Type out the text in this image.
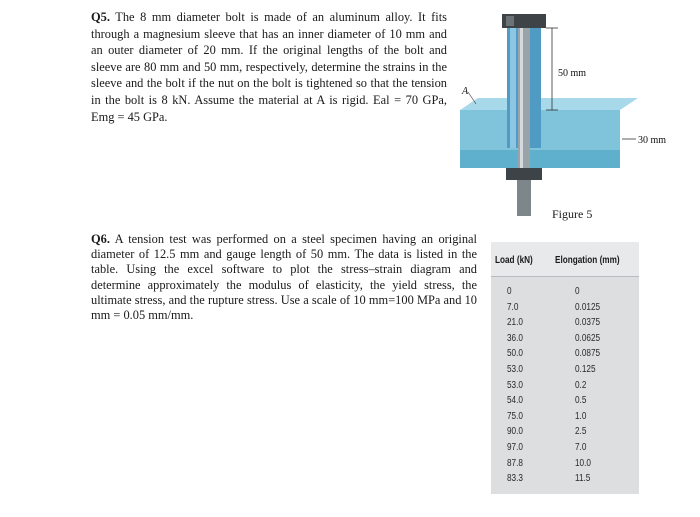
Q5. The 8 mm diameter bolt is made of an aluminum alloy. It fits through a magnesium sleeve that has an inner diameter of 10 mm and an outer diameter of 20 mm. If the original lengths of the bolt and sleeve are 80 mm and 50 mm, respectively, determine the strains in the sleeve and the bolt if the nut on the bolt is tightened so that the tension in the bolt is 8 kN. Assume the material at A is rigid. Eal = 70 GPa, Emg = 45 GPa.
50 mm
30 mm
A
Figure 5
Q6. A tension test was performed on a steel specimen having an original diameter of 12.5 mm and gauge length of 50 mm. The data is listed in the table. Using the excel software to plot the stress–strain diagram and determine approximately the modulus of elasticity, the yield stress, the ultimate stress, and the rupture stress. Use a scale of 10 mm=100 MPa and 10 mm = 0.05 mm/mm.
Load (kN) Elongation (mm)
0	0
7.0	0.0125
21.0	0.0375
36.0	0.0625
50.0	0.0875
53.0	0.125
53.0	0.2
54.0	0.5
75.0	1.0
90.0	2.5
97.0	7.0
87.8	10.0
83.3	11.5
